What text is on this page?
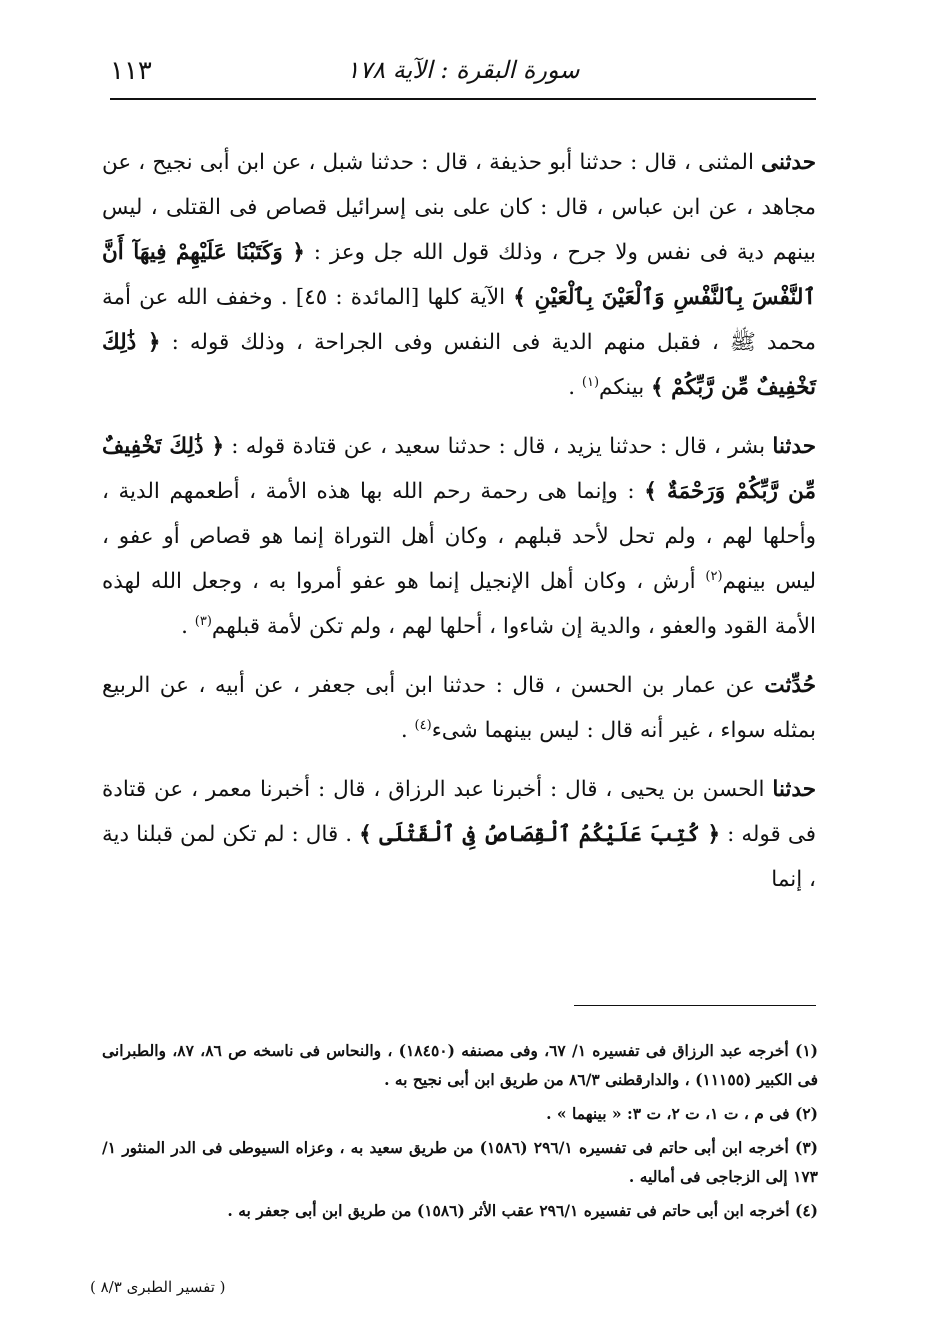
١١٣	سورة البقرة : الآية ١٧٨

حدثنى المثنى ، قال : حدثنا أبو حذيفة ، قال : حدثنا شبل ، عن ابن أبى نجيح ، عن مجاهد ، عن ابن عباس ، قال : كان على بنى إسرائيل قصاص فى القتلى ، ليس بينهم دية فى نفس ولا جرح ، وذلك قول الله جل وعز : ﴿ وَكَتَبْنَا عَلَيْهِمْ فِيهَآ أَنَّ ٱلنَّفْسَ بِٱلنَّفْسِ وَٱلْعَيْنَ بِٱلْعَيْنِ ﴾ الآية كلها [المائدة : ٤٥] . وخفف الله عن أمة محمد ﷺ ، فقبل منهم الدية فى النفس وفى الجراحة ، وذلك قوله : ﴿ ذَٰلِكَ تَخْفِيفٌ مِّن رَّبِّكُمْ ﴾ بينكم$^{(١)}$ .

حدثنا بشر ، قال : حدثنا يزيد ، قال : حدثنا سعيد ، عن قتادة قوله : ﴿ ذَٰلِكَ تَخْفِيفٌ مِّن رَّبِّكُمْ وَرَحْمَةٌ ﴾ : وإنما هى رحمة رحم الله بها هذه الأمة ، أطعمهم الدية ، وأحلها لهم ، ولم تحل لأحد قبلهم ، وكان أهل التوراة إنما هو قصاص أو عفو ، ليس بينهم$^{(٢)}$ أرش ، وكان أهل الإنجيل إنما هو عفو أمروا به ، وجعل الله لهذه الأمة القود والعفو ، والدية إن شاءوا ، أحلها لهم ، ولم تكن لأمة قبلهم$^{(٣)}$ .

حُدِّثت عن عمار بن الحسن ، قال : حدثنا ابن أبى جعفر ، عن أبيه ، عن الربيع بمثله سواء ، غير أنه قال : ليس بينهما شىء$^{(٤)}$ .

حدثنا الحسن بن يحيى ، قال : أخبرنا عبد الرزاق ، قال : أخبرنا معمر ، عن قتادة فى قوله : ﴿ كُتِبَ عَلَيْكُمُ ٱلْقِصَاصُ فِى ٱلْقَتْلَى ﴾ . قال : لم تكن لمن قبلنا دية ، إنما

(١) أخرجه عبد الرزاق فى تفسيره ١/ ٦٧، وفى مصنفه (١٨٤٥٠) ، والنحاس فى ناسخه ص ٨٦، ٨٧، والطبرانى فى الكبير (١١١٥٥) ، والدارقطنى ٨٦/٣ من طريق ابن أبى نجيح به .

(٢) فى م ، ت ١، ت ٢، ت ٣: « بينهما » .

(٣) أخرجه ابن أبى حاتم فى تفسيره ٢٩٦/١ (١٥٨٦) من طريق سعيد به ، وعزاه السيوطى فى الدر المنثور ١/ ١٧٣ إلى الزجاجى فى أماليه .

(٤) أخرجه ابن أبى حاتم فى تفسيره ٢٩٦/١ عقب الأثر (١٥٨٦) من طريق ابن أبى جعفر به .

( تفسير الطبرى ٨/٣ )
